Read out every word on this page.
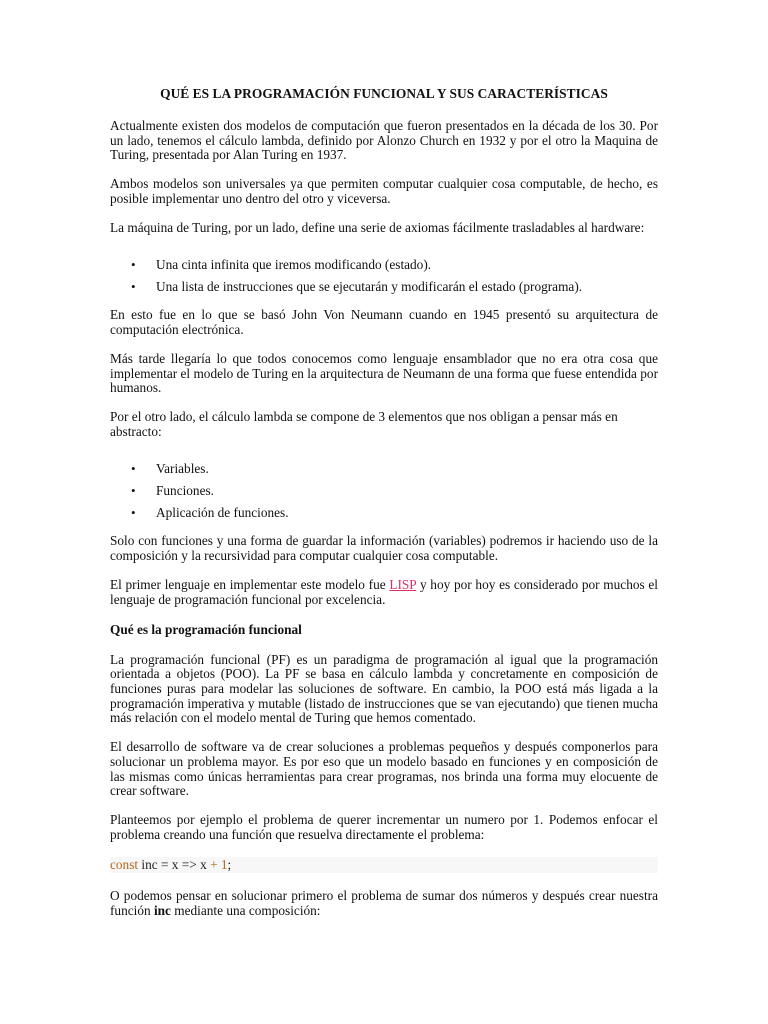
QUÉ ES LA PROGRAMACIÓN FUNCIONAL Y SUS CARACTERÍSTICAS

Actualmente existen dos modelos de computación que fueron presentados en la década de los 30. Por un lado, tenemos el cálculo lambda, definido por Alonzo Church en 1932 y por el otro la Maquina de Turing, presentada por Alan Turing en 1937.

Ambos modelos son universales ya que permiten computar cualquier cosa computable, de hecho, es posible implementar uno dentro del otro y viceversa.

La máquina de Turing, por un lado, define una serie de axiomas fácilmente trasladables al hardware:

• Una cinta infinita que iremos modificando (estado).
• Una lista de instrucciones que se ejecutarán y modificarán el estado (programa).

En esto fue en lo que se basó John Von Neumann cuando en 1945 presentó su arquitectura de computación electrónica.

Más tarde llegaría lo que todos conocemos como lenguaje ensamblador que no era otra cosa que implementar el modelo de Turing en la arquitectura de Neumann de una forma que fuese entendida por humanos.

Por el otro lado, el cálculo lambda se compone de 3 elementos que nos obligan a pensar más en abstracto:

• Variables.
• Funciones.
• Aplicación de funciones.

Solo con funciones y una forma de guardar la información (variables) podremos ir haciendo uso de la composición y la recursividad para computar cualquier cosa computable.

El primer lenguaje en implementar este modelo fue LISP y hoy por hoy es considerado por muchos el lenguaje de programación funcional por excelencia.

Qué es la programación funcional

La programación funcional (PF) es un paradigma de programación al igual que la programación orientada a objetos (POO). La PF se basa en cálculo lambda y concretamente en composición de funciones puras para modelar las soluciones de software. En cambio, la POO está más ligada a la programación imperativa y mutable (listado de instrucciones que se van ejecutando) que tienen mucha más relación con el modelo mental de Turing que hemos comentado.

El desarrollo de software va de crear soluciones a problemas pequeños y después componerlos para solucionar un problema mayor. Es por eso que un modelo basado en funciones y en composición de las mismas como únicas herramientas para crear programas, nos brinda una forma muy elocuente de crear software.

Planteemos por ejemplo el problema de querer incrementar un numero por 1. Podemos enfocar el problema creando una función que resuelva directamente el problema:

const inc = x => x + 1;

O podemos pensar en solucionar primero el problema de sumar dos números y después crear nuestra función inc mediante una composición:
